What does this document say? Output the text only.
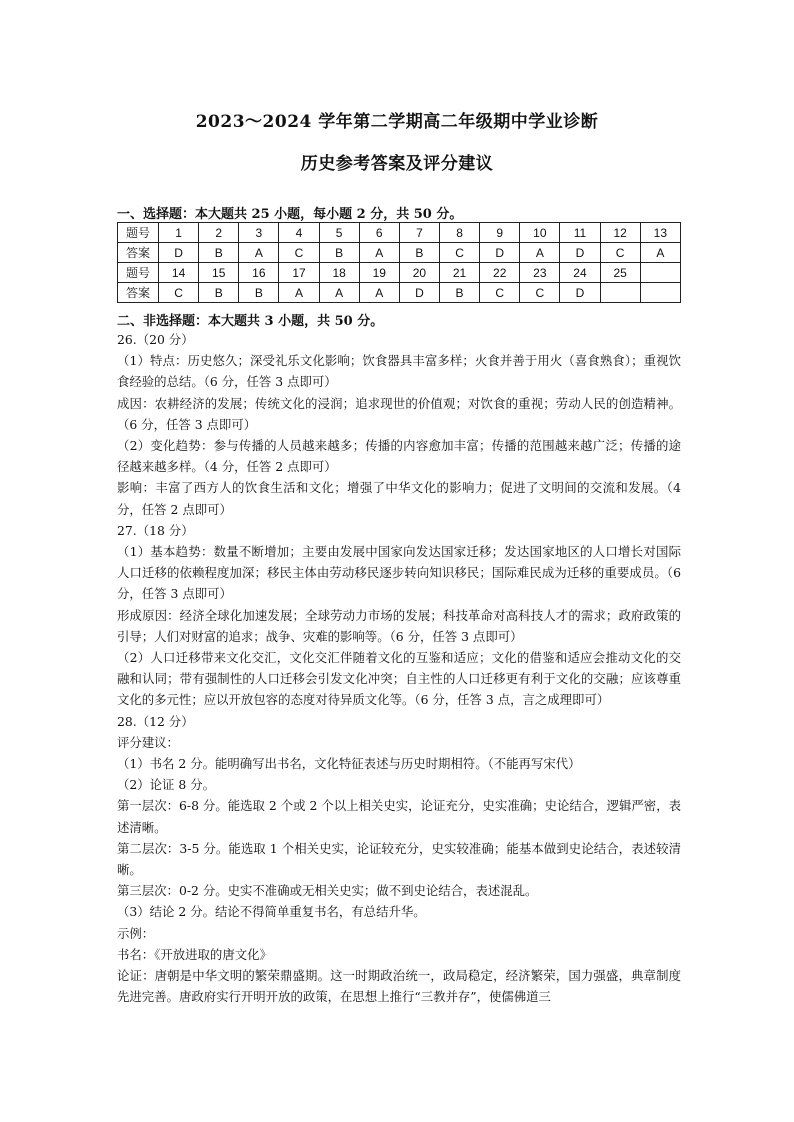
2023～2024 学年第二学期高二年级期中学业诊断
历史参考答案及评分建议
一、选择题：本大题共 25 小题，每小题 2 分，共 50 分。
题号	1	2	3	4	5	6	7	8	9	10	11	12	13
答案	D	B	A	C	B	A	B	C	D	A	D	C	A
题号	14	15	16	17	18	19	20	21	22	23	24	25	
答案	C	B	B	A	A	A	D	B	C	C	D		
二、非选择题：本大题共 3 小题，共 50 分。

26.（20 分）

（1）特点：历史悠久；深受礼乐文化影响；饮食器具丰富多样；火食并善于用火（喜食熟食）；重视饮食经验的总结。（6 分，任答 3 点即可）

成因：农耕经济的发展；传统文化的浸润；追求现世的价值观；对饮食的重视；劳动人民的创造精神。（6 分，任答 3 点即可）

（2）变化趋势：参与传播的人员越来越多；传播的内容愈加丰富；传播的范围越来越广泛；传播的途径越来越多样。（4 分，任答 2 点即可）

影响：丰富了西方人的饮食生活和文化；增强了中华文化的影响力；促进了文明间的交流和发展。（4 分，任答 2 点即可）

27.（18 分）

（1）基本趋势：数量不断增加；主要由发展中国家向发达国家迁移；发达国家地区的人口增长对国际人口迁移的依赖程度加深；移民主体由劳动移民逐步转向知识移民；国际难民成为迁移的重要成员。（6 分，任答 3 点即可）

形成原因：经济全球化加速发展；全球劳动力市场的发展；科技革命对高科技人才的需求；政府政策的引导；人们对财富的追求；战争、灾难的影响等。（6 分，任答 3 点即可）

（2）人口迁移带来文化交汇，文化交汇伴随着文化的互鉴和适应；文化的借鉴和适应会推动文化的交融和认同；带有强制性的人口迁移会引发文化冲突；自主性的人口迁移更有利于文化的交融；应该尊重文化的多元性；应以开放包容的态度对待异质文化等。（6 分，任答 3 点，言之成理即可）

28.（12 分）

评分建议：

（1）书名 2 分。能明确写出书名，文化特征表述与历史时期相符。（不能再写宋代）

（2）论证 8 分。

第一层次：6-8 分。能选取 2 个或 2 个以上相关史实，论证充分，史实准确；史论结合，逻辑严密，表述清晰。

第二层次：3-5 分。能选取 1 个相关史实，论证较充分，史实较准确；能基本做到史论结合，表述较清晰。

第三层次：0-2 分。史实不准确或无相关史实；做不到史论结合，表述混乱。

（3）结论 2 分。结论不得简单重复书名，有总结升华。

示例：

书名：《开放进取的唐文化》

论证：唐朝是中华文明的繁荣鼎盛期。这一时期政治统一，政局稳定，经济繁荣，国力强盛，典章制度先进完善。唐政府实行开明开放的政策，在思想上推行“三教并存”，使儒佛道三
